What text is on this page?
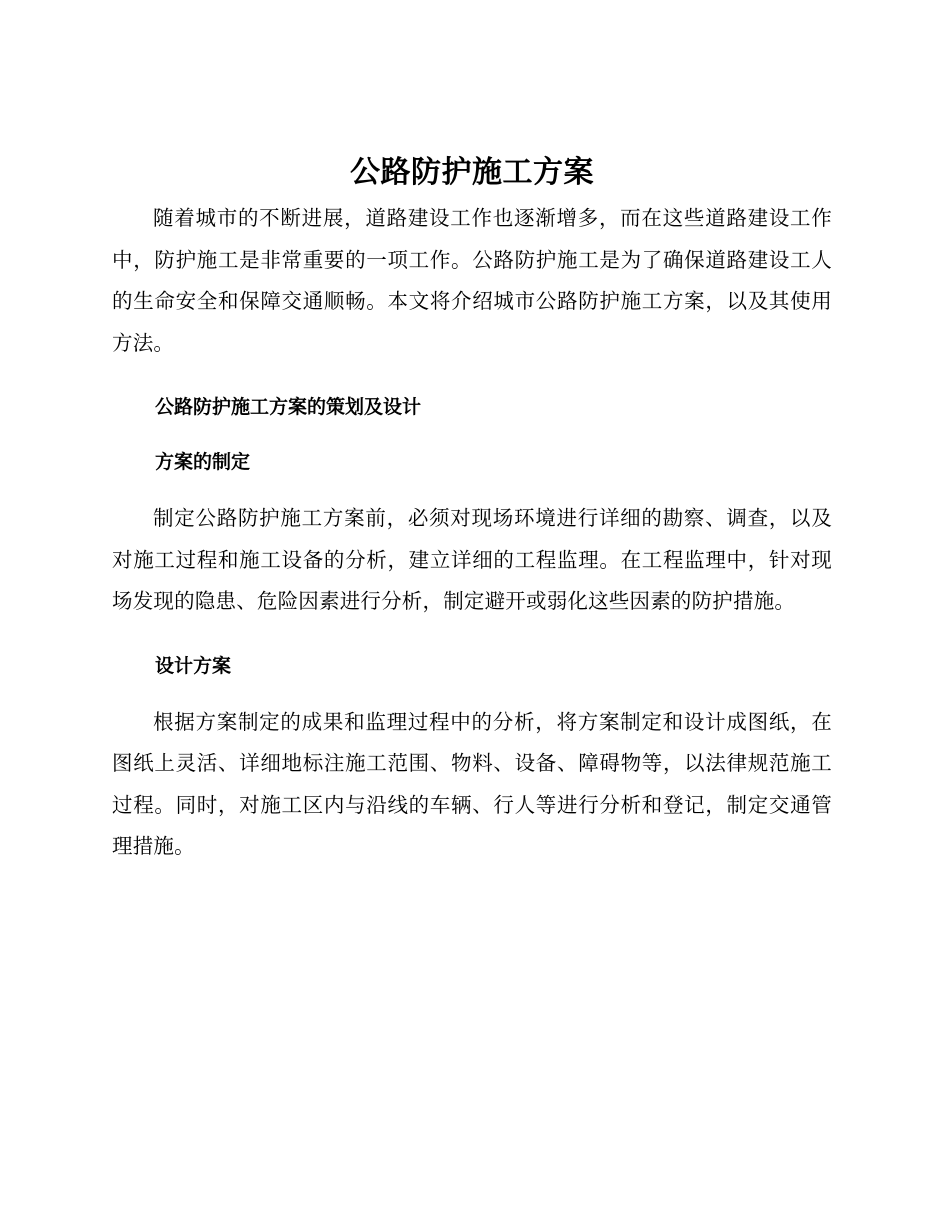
公路防护施工方案

随着城市的不断进展，道路建设工作也逐渐增多，而在这些道路建设工作中，防护施工是非常重要的一项工作。公路防护施工是为了确保道路建设工人的生命安全和保障交通顺畅。本文将介绍城市公路防护施工方案，以及其使用方法。

公路防护施工方案的策划及设计
方案的制定

制定公路防护施工方案前，必须对现场环境进行详细的勘察、调查，以及对施工过程和施工设备的分析，建立详细的工程监理。在工程监理中，针对现场发现的隐患、危险因素进行分析，制定避开或弱化这些因素的防护措施。

设计方案

根据方案制定的成果和监理过程中的分析，将方案制定和设计成图纸，在图纸上灵活、详细地标注施工范围、物料、设备、障碍物等，以法律规范施工过程。同时，对施工区内与沿线的车辆、行人等进行分析和登记，制定交通管理措施。
